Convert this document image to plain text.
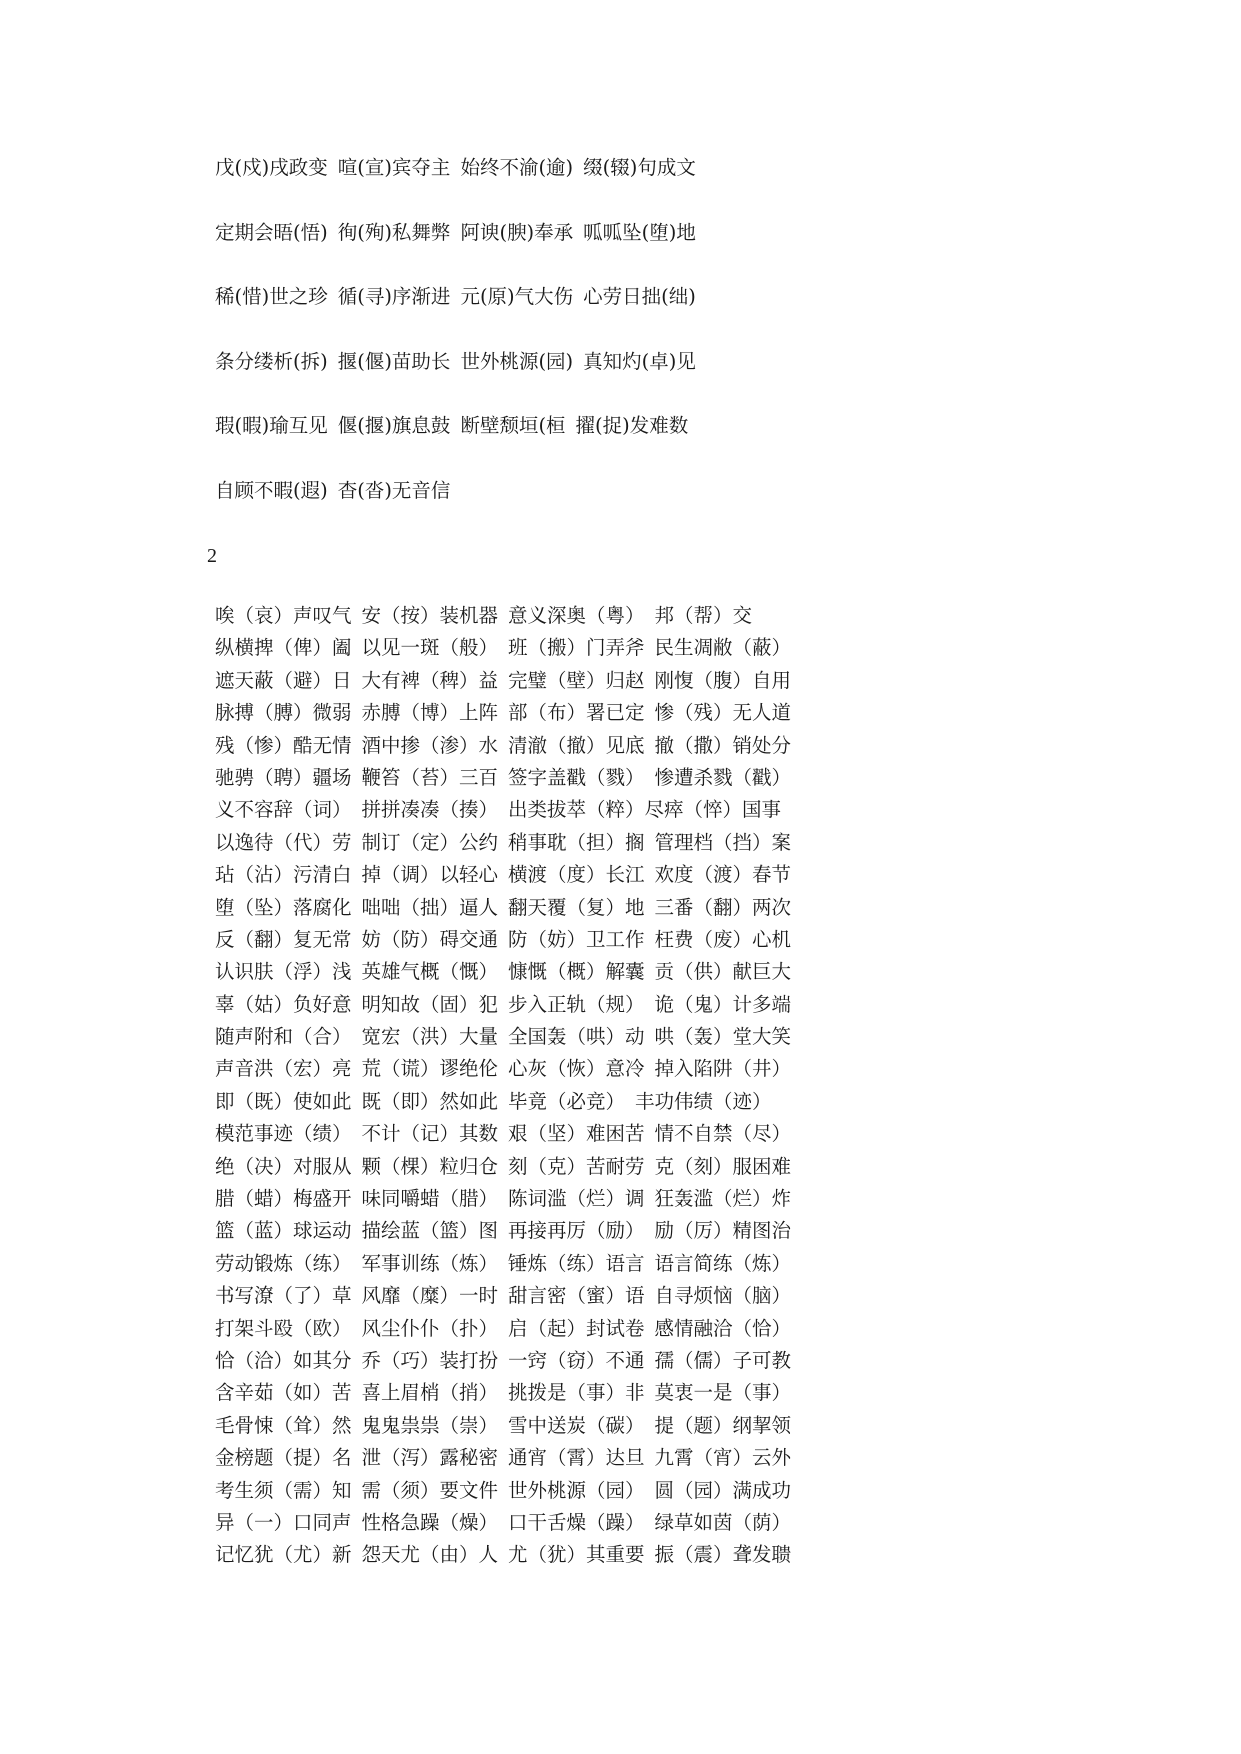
戊(戍)戌政变 喧(宣)宾夺主 始终不渝(逾) 缀(辍)句成文
定期会晤(悟) 徇(殉)私舞弊 阿谀(腴)奉承 呱呱坠(堕)地
稀(惜)世之珍 循(寻)序渐进 元(原)气大伤 心劳日拙(绌)
条分缕析(拆) 揠(偃)苗助长 世外桃源(园) 真知灼(卓)见
瑕(暇)瑜互见 偃(揠)旗息鼓 断壁颓垣(桓 擢(捉)发难数
自顾不暇(遐) 杳(沓)无音信
2
唉（哀）声叹气 安（按）装机器 意义深奥（粤） 邦（帮）交
纵横捭（俾）阖 以见一斑（般） 班（搬）门弄斧 民生凋敝（蔽）
遮天蔽（避）日 大有裨（稗）益 完璧（壁）归赵 刚愎（腹）自用
脉搏（膊）微弱 赤膊（博）上阵 部（布）署已定 惨（残）无人道
残（惨）酷无情 酒中掺（渗）水 清澈（撤）见底 撤（撒）销处分
驰骋（聘）疆场 鞭笞（苔）三百 签字盖戳（戮） 惨遭杀戮（戳）
义不容辞（词） 拼拼凑凑（揍） 出类拔萃（粹）尽瘁（悴）国事
以逸待（代）劳 制订（定）公约 稍事耽（担）搁 管理档（挡）案
玷（沾）污清白 掉（调）以轻心 横渡（度）长江 欢度（渡）春节
堕（坠）落腐化 咄咄（拙）逼人 翻天覆（复）地 三番（翻）两次
反（翻）复无常 妨（防）碍交通 防（妨）卫工作 枉费（废）心机
认识肤（浮）浅 英雄气概（慨） 慷慨（概）解囊 贡（供）献巨大
辜（姑）负好意 明知故（固）犯 步入正轨（规） 诡（鬼）计多端
随声附和（合） 宽宏（洪）大量 全国轰（哄）动 哄（轰）堂大笑
声音洪（宏）亮 荒（谎）谬绝伦 心灰（恢）意冷 掉入陷阱（井）
即（既）使如此 既（即）然如此 毕竟（必竞） 丰功伟绩（迹）
模范事迹（绩） 不计（记）其数 艰（坚）难困苦 情不自禁（尽）
绝（决）对服从 颗（棵）粒归仓 刻（克）苦耐劳 克（刻）服困难
腊（蜡）梅盛开 味同嚼蜡（腊） 陈词滥（烂）调 狂轰滥（烂）炸
篮（蓝）球运动 描绘蓝（篮）图 再接再厉（励） 励（厉）精图治
劳动锻炼（练） 军事训练（炼） 锤炼（练）语言 语言简练（炼）
书写潦（了）草 风靡（糜）一时 甜言密（蜜）语 自寻烦恼（脑）
打架斗殴（欧） 风尘仆仆（扑） 启（起）封试卷 感情融洽（恰）
恰（洽）如其分 乔（巧）装打扮 一窍（窃）不通 孺（儒）子可教
含辛茹（如）苦 喜上眉梢（捎） 挑拨是（事）非 莫衷一是（事）
毛骨悚（耸）然 鬼鬼祟祟（崇） 雪中送炭（碳） 提（题）纲挈领
金榜题（提）名 泄（泻）露秘密 通宵（霄）达旦 九霄（宵）云外
考生须（需）知 需（须）要文件 世外桃源（园） 圆（园）满成功
异（一）口同声 性格急躁（燥） 口干舌燥（躁） 绿草如茵（荫）
记忆犹（尤）新 怨天尤（由）人 尤（犹）其重要 振（震）聋发聩
